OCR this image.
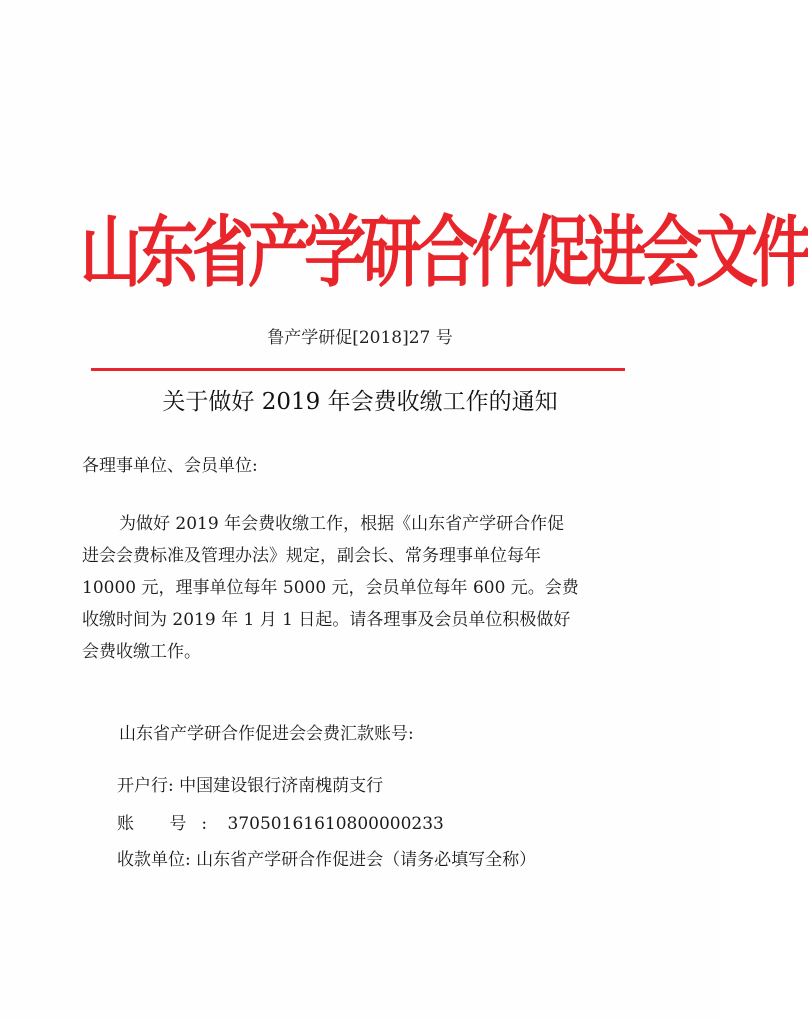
山东省产学研合作促进会文件
鲁产学研促[2018]27 号
关于做好 2019 年会费收缴工作的通知
各理事单位、会员单位:
为做好 2019 年会费收缴工作，根据《山东省产学研合作促
进会会费标准及管理办法》规定，副会长、常务理事单位每年
10000 元，理事单位每年 5000 元，会员单位每年 600 元。会费
收缴时间为 2019 年 1 月 1 日起。请各理事及会员单位积极做好
会费收缴工作。
山东省产学研合作促进会会费汇款账号:
开户行: 中国建设银行济南槐荫支行
账 号: 37050161610800000233
收款单位: 山东省产学研合作促进会（请务必填写全称）
